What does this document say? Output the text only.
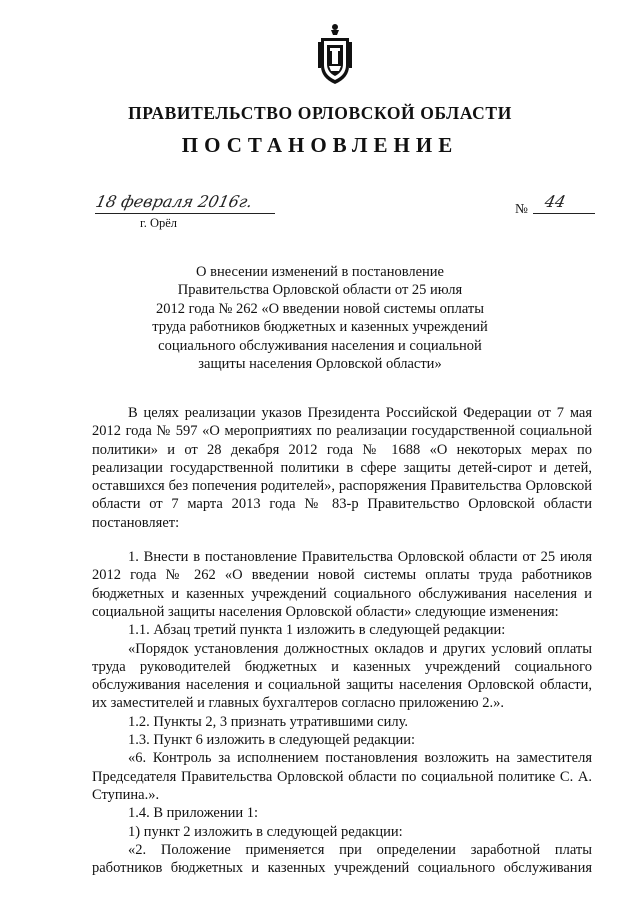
ПРАВИТЕЛЬСТВО ОРЛОВСКОЙ ОБЛАСТИ
ПОСТАНОВЛЕНИЕ
18 февраля 2016г.
г. Орёл
№ 44
О внесении изменений в постановление
Правительства Орловской области от 25 июля
2012 года № 262 «О введении новой системы оплаты
труда работников бюджетных и казенных учреждений
социального обслуживания населения и социальной
защиты населения Орловской области»

В целях реализации указов Президента Российской Федерации от 7 мая 2012 года № 597 «О мероприятиях по реализации государственной социальной политики» и от 28 декабря 2012 года № 1688 «О некоторых мерах по реализации государственной политики в сфере защиты детей-сирот и детей, оставшихся без попечения родителей», распоряжения Правительства Орловской области от 7 марта 2013 года № 83-р Правительство Орловской области постановляет:

1. Внести в постановление Правительства Орловской области от 25 июля 2012 года № 262 «О введении новой системы оплаты труда работников бюджетных и казенных учреждений социального обслуживания населения и социальной защиты населения Орловской области» следующие изменения:

1.1. Абзац третий пункта 1 изложить в следующей редакции:

«Порядок установления должностных окладов и других условий оплаты труда руководителей бюджетных и казенных учреждений социального обслуживания населения и социальной защиты населения Орловской области, их заместителей и главных бухгалтеров согласно приложению 2.».

1.2. Пункты 2, 3 признать утратившими силу.

1.3. Пункт 6 изложить в следующей редакции:

«6. Контроль за исполнением постановления возложить на заместителя Председателя Правительства Орловской области по социальной политике С. А. Ступина.».

1.4. В приложении 1:

1) пункт 2 изложить в следующей редакции:

«2. Положение применяется при определении заработной платы работников бюджетных и казенных учреждений социального обслуживания
